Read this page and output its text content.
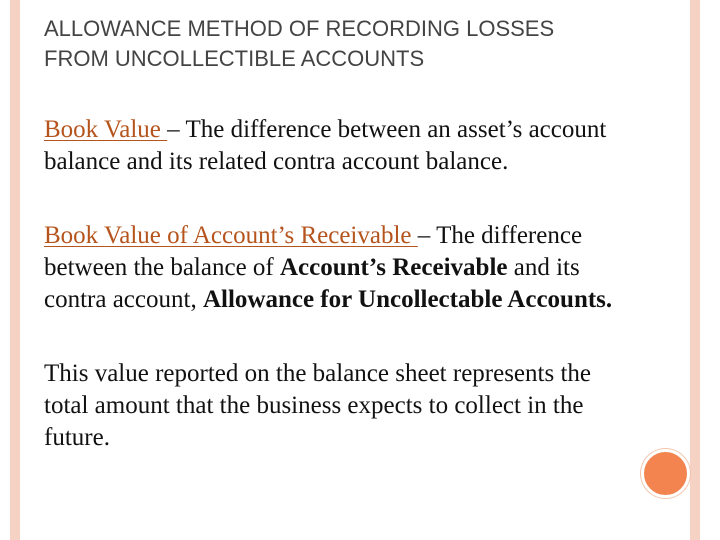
ALLOWANCE METHOD OF RECORDING LOSSES
FROM UNCOLLECTIBLE ACCOUNTS

Book Value – The difference between an asset’s account balance and its related contra account balance.

Book Value of Account’s Receivable – The difference between the balance of Account’s Receivable and its contra account, Allowance for Uncollectable Accounts.

This value reported on the balance sheet represents the total amount that the business expects to collect in the future.
